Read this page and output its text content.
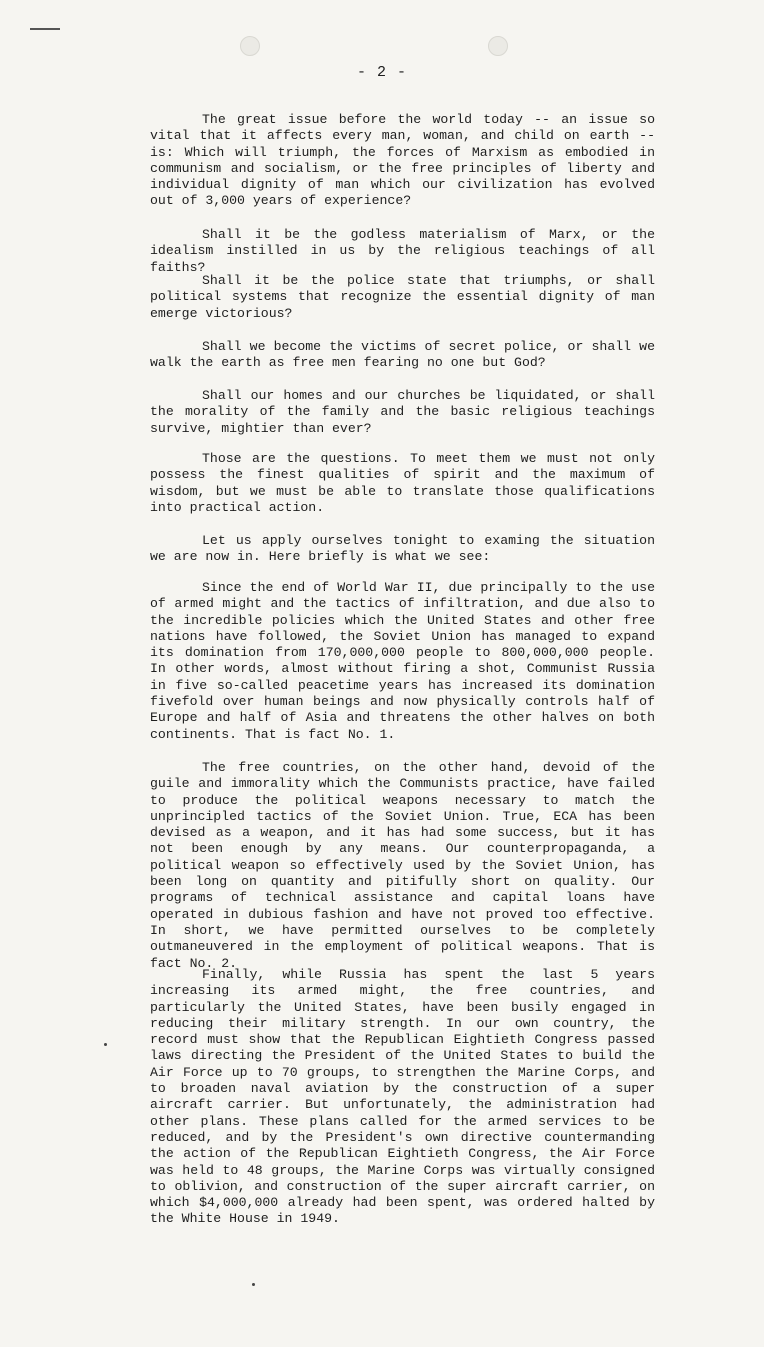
- 2 -

The great issue before the world today -- an issue so vital that it affects every man, woman, and child on earth -- is: Which will triumph, the forces of Marxism as embodied in communism and socialism, or the free principles of liberty and individual dignity of man which our civilization has evolved out of 3,000 years of experience?

Shall it be the godless materialism of Marx, or the idealism instilled in us by the religious teachings of all faiths?

Shall it be the police state that triumphs, or shall political systems that recognize the essential dignity of man emerge victorious?

Shall we become the victims of secret police, or shall we walk the earth as free men fearing no one but God?

Shall our homes and our churches be liquidated, or shall the morality of the family and the basic religious teachings survive, mightier than ever?

Those are the questions. To meet them we must not only possess the finest qualities of spirit and the maximum of wisdom, but we must be able to translate those qualifications into practical action.

Let us apply ourselves tonight to examing the situation we are now in. Here briefly is what we see:

Since the end of World War II, due principally to the use of armed might and the tactics of infiltration, and due also to the incredible policies which the United States and other free nations have followed, the Soviet Union has managed to expand its domination from 170,000,000 people to 800,000,000 people. In other words, almost without firing a shot, Communist Russia in five so-called peacetime years has increased its domination fivefold over human beings and now physically controls half of Europe and half of Asia and threatens the other halves on both continents. That is fact No. 1.

The free countries, on the other hand, devoid of the guile and immorality which the Communists practice, have failed to produce the political weapons necessary to match the unprincipled tactics of the Soviet Union. True, ECA has been devised as a weapon, and it has had some success, but it has not been enough by any means. Our counterpropaganda, a political weapon so effectively used by the Soviet Union, has been long on quantity and pitifully short on quality. Our programs of technical assistance and capital loans have operated in dubious fashion and have not proved too effective. In short, we have permitted ourselves to be completely outmaneuvered in the employment of political weapons. That is fact No. 2.

Finally, while Russia has spent the last 5 years increasing its armed might, the free countries, and particularly the United States, have been busily engaged in reducing their military strength. In our own country, the record must show that the Republican Eightieth Congress passed laws directing the President of the United States to build the Air Force up to 70 groups, to strengthen the Marine Corps, and to broaden naval aviation by the construction of a super aircraft carrier. But unfortunately, the administration had other plans. These plans called for the armed services to be reduced, and by the President's own directive countermanding the action of the Republican Eightieth Congress, the Air Force was held to 48 groups, the Marine Corps was virtually consigned to oblivion, and construction of the super aircraft carrier, on which $4,000,000 already had been spent, was ordered halted by the White House in 1949.
